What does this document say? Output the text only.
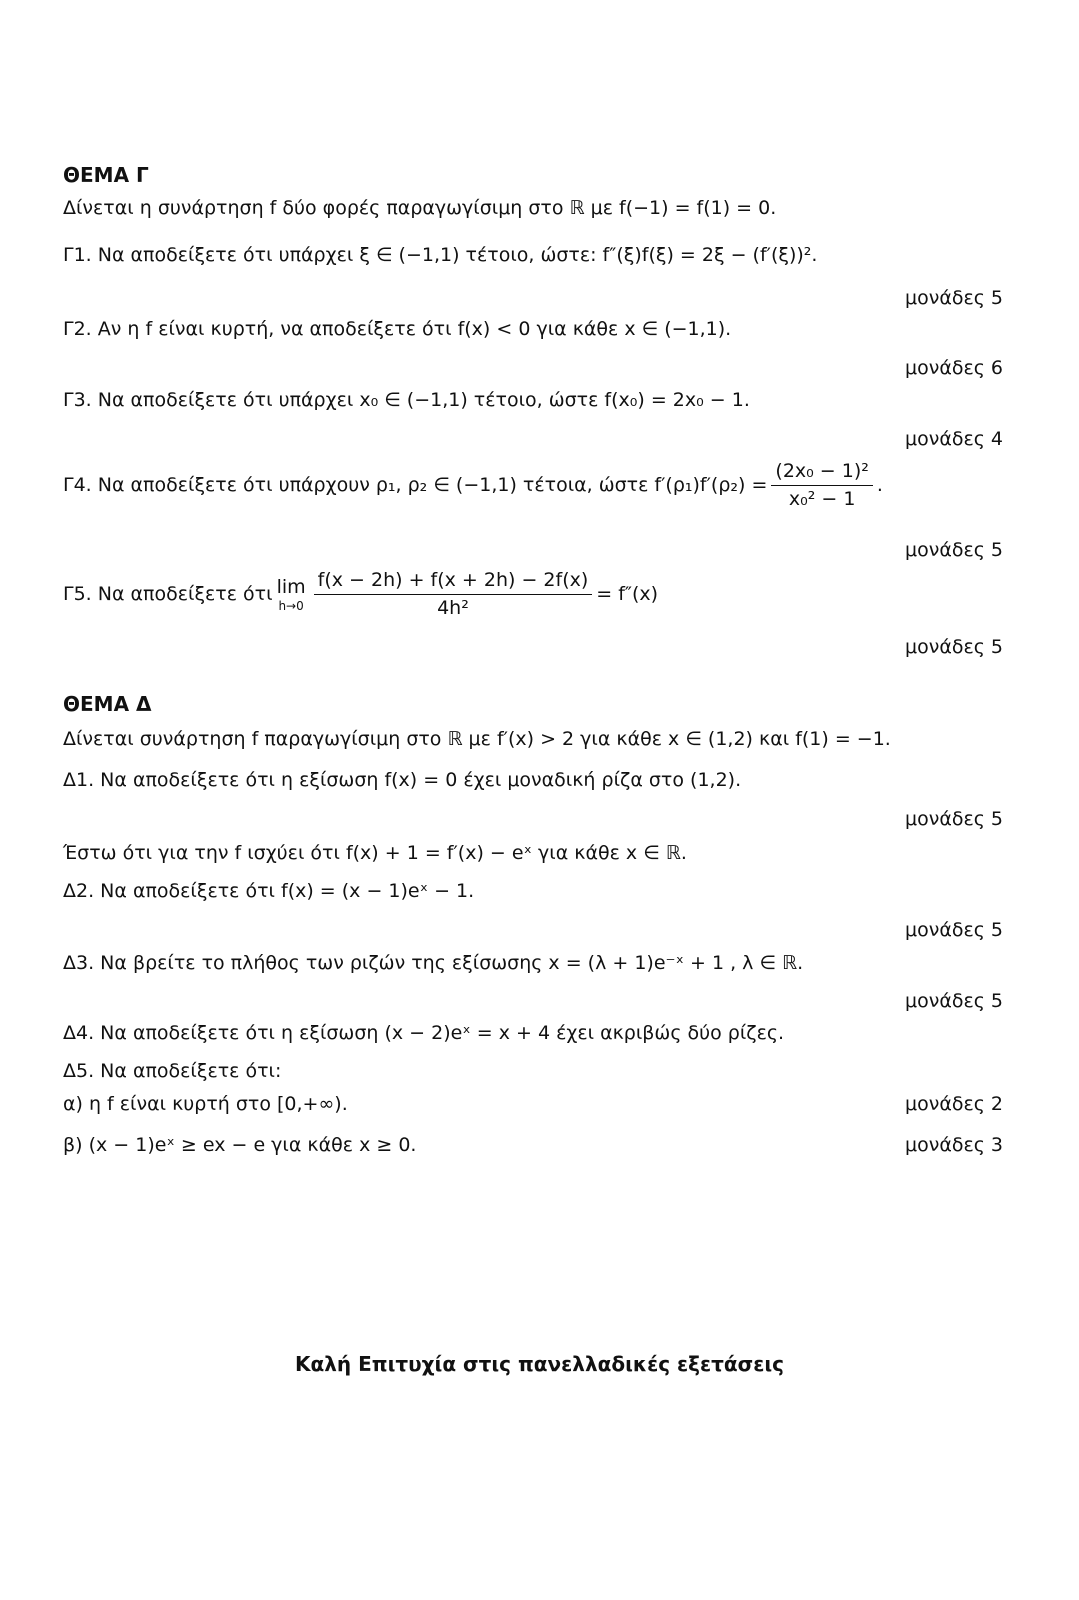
ΘΕΜΑ Γ
Δίνεται η συνάρτηση f δύο φορές παραγωγίσιμη στο ℝ με f(−1) = f(1) = 0.
Γ1. Να αποδείξετε ότι υπάρχει ξ ∈ (−1,1) τέτοιο, ώστε: f″(ξ)f(ξ) = 2ξ − (f′(ξ))².
μονάδες 5
Γ2. Αν η f είναι κυρτή, να αποδείξετε ότι f(x) < 0 για κάθε x ∈ (−1,1).
μονάδες 6
Γ3. Να αποδείξετε ότι υπάρχει x₀ ∈ (−1,1) τέτοιο, ώστε f(x₀) = 2x₀ − 1.
μονάδες 4
Γ4. Να αποδείξετε ότι υπάρχουν ρ₁, ρ₂ ∈ (−1,1) τέτοια, ώστε $f'(\rho_1)f'(\rho_2) = \frac{\text{(2x₀ − 1)²}}{\text{x₀² − 1}}$ .
μονάδες 5
Γ5. Να αποδείξετε ότι lim
$h\to 0 \frac{f(x - 2h) + f(x + 2h) - 2f(x)}{\text{4h²}} = f''(x)$
μονάδες 5
ΘΕΜΑ Δ
Δίνεται συνάρτηση f παραγωγίσιμη στο ℝ με f′(x) > 2 για κάθε x ∈ (1,2) και f(1) = −1.
Δ1. Να αποδείξετε ότι η εξίσωση f(x) = 0 έχει μοναδική ρίζα στο (1,2).
μονάδες 5
Έστω ότι για την f ισχύει ότι f(x) + 1 = f′(x) − eˣ για κάθε x ∈ ℝ.
Δ2. Να αποδείξετε ότι f(x) = (x − 1)eˣ − 1.
μονάδες 5
Δ3. Να βρείτε το πλήθος των ριζών της εξίσωσης x = (λ + 1)e⁻ˣ + 1 , λ ∈ ℝ.
μονάδες 5
Δ4. Να αποδείξετε ότι η εξίσωση (x − 2)eˣ = x + 4 έχει ακριβώς δύο ρίζες.
Δ5. Να αποδείξετε ότι:
α) η f είναι κυρτή στο [0,+∞).	μονάδες 2
β) (x − 1)eˣ ≥ ex − e για κάθε x ≥ 0.	μονάδες 3
Καλή Επιτυχία στις πανελλαδικές εξετάσεις
